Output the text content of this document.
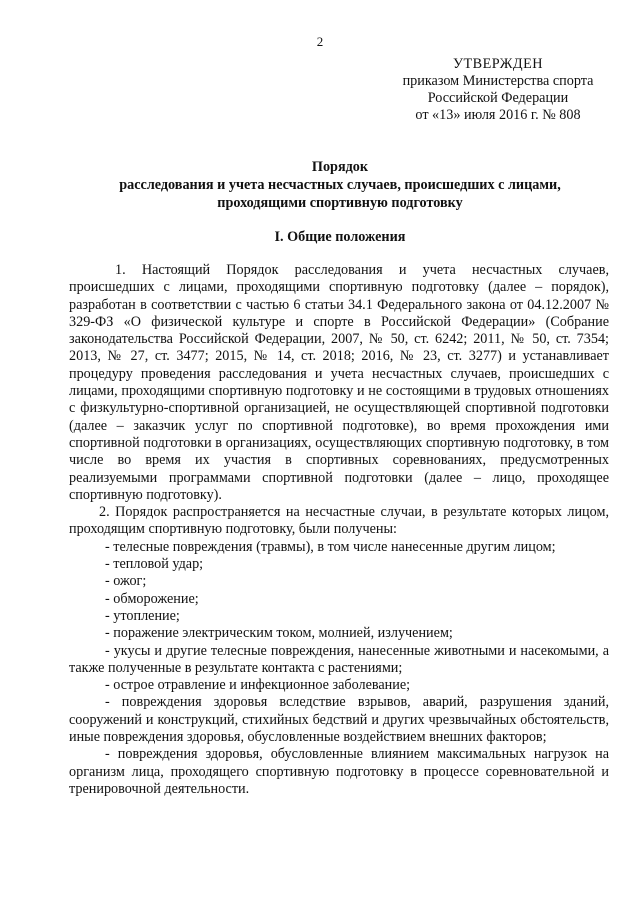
2
УТВЕРЖДЕН
приказом Министерства спорта
Российской Федерации
от «13» июля 2016 г. № 808
Порядок
расследования и учета несчастных случаев, происшедших с лицами,
проходящими спортивную подготовку
I. Общие положения

1. Настоящий Порядок расследования и учета несчастных случаев, происшедших с лицами, проходящими спортивную подготовку (далее – порядок), разработан в соответствии с частью 6 статьи 34.1 Федерального закона от 04.12.2007 № 329-ФЗ «О физической культуре и спорте в Российской Федерации» (Собрание законодательства Российской Федерации, 2007, № 50, ст. 6242; 2011, № 50, ст. 7354; 2013, № 27, ст. 3477; 2015, № 14, ст. 2018; 2016, № 23, ст. 3277) и устанавливает процедуру проведения расследования и учета несчастных случаев, происшедших с лицами, проходящими спортивную подготовку и не состоящими в трудовых отношениях с физкультурно-спортивной организацией, не осуществляющей спортивной подготовки (далее – заказчик услуг по спортивной подготовке), во время прохождения ими спортивной подготовки в организациях, осуществляющих спортивную подготовку, в том числе во время их участия в спортивных соревнованиях, предусмотренных реализуемыми программами спортивной подготовки (далее – лицо, проходящее спортивную подготовку).

2. Порядок распространяется на несчастные случаи, в результате которых лицом, проходящим спортивную подготовку, были получены:

- телесные повреждения (травмы), в том числе нанесенные другим лицом;

- тепловой удар;

- ожог;

- обморожение;

- утопление;

- поражение электрическим током, молнией, излучением;

- укусы и другие телесные повреждения, нанесенные животными и насекомыми, а также полученные в результате контакта с растениями;

- острое отравление и инфекционное заболевание;

- повреждения здоровья вследствие взрывов, аварий, разрушения зданий, сооружений и конструкций, стихийных бедствий и других чрезвычайных обстоятельств, иные повреждения здоровья, обусловленные воздействием внешних факторов;

- повреждения здоровья, обусловленные влиянием максимальных нагрузок на организм лица, проходящего спортивную подготовку в процессе соревновательной и тренировочной деятельности.
